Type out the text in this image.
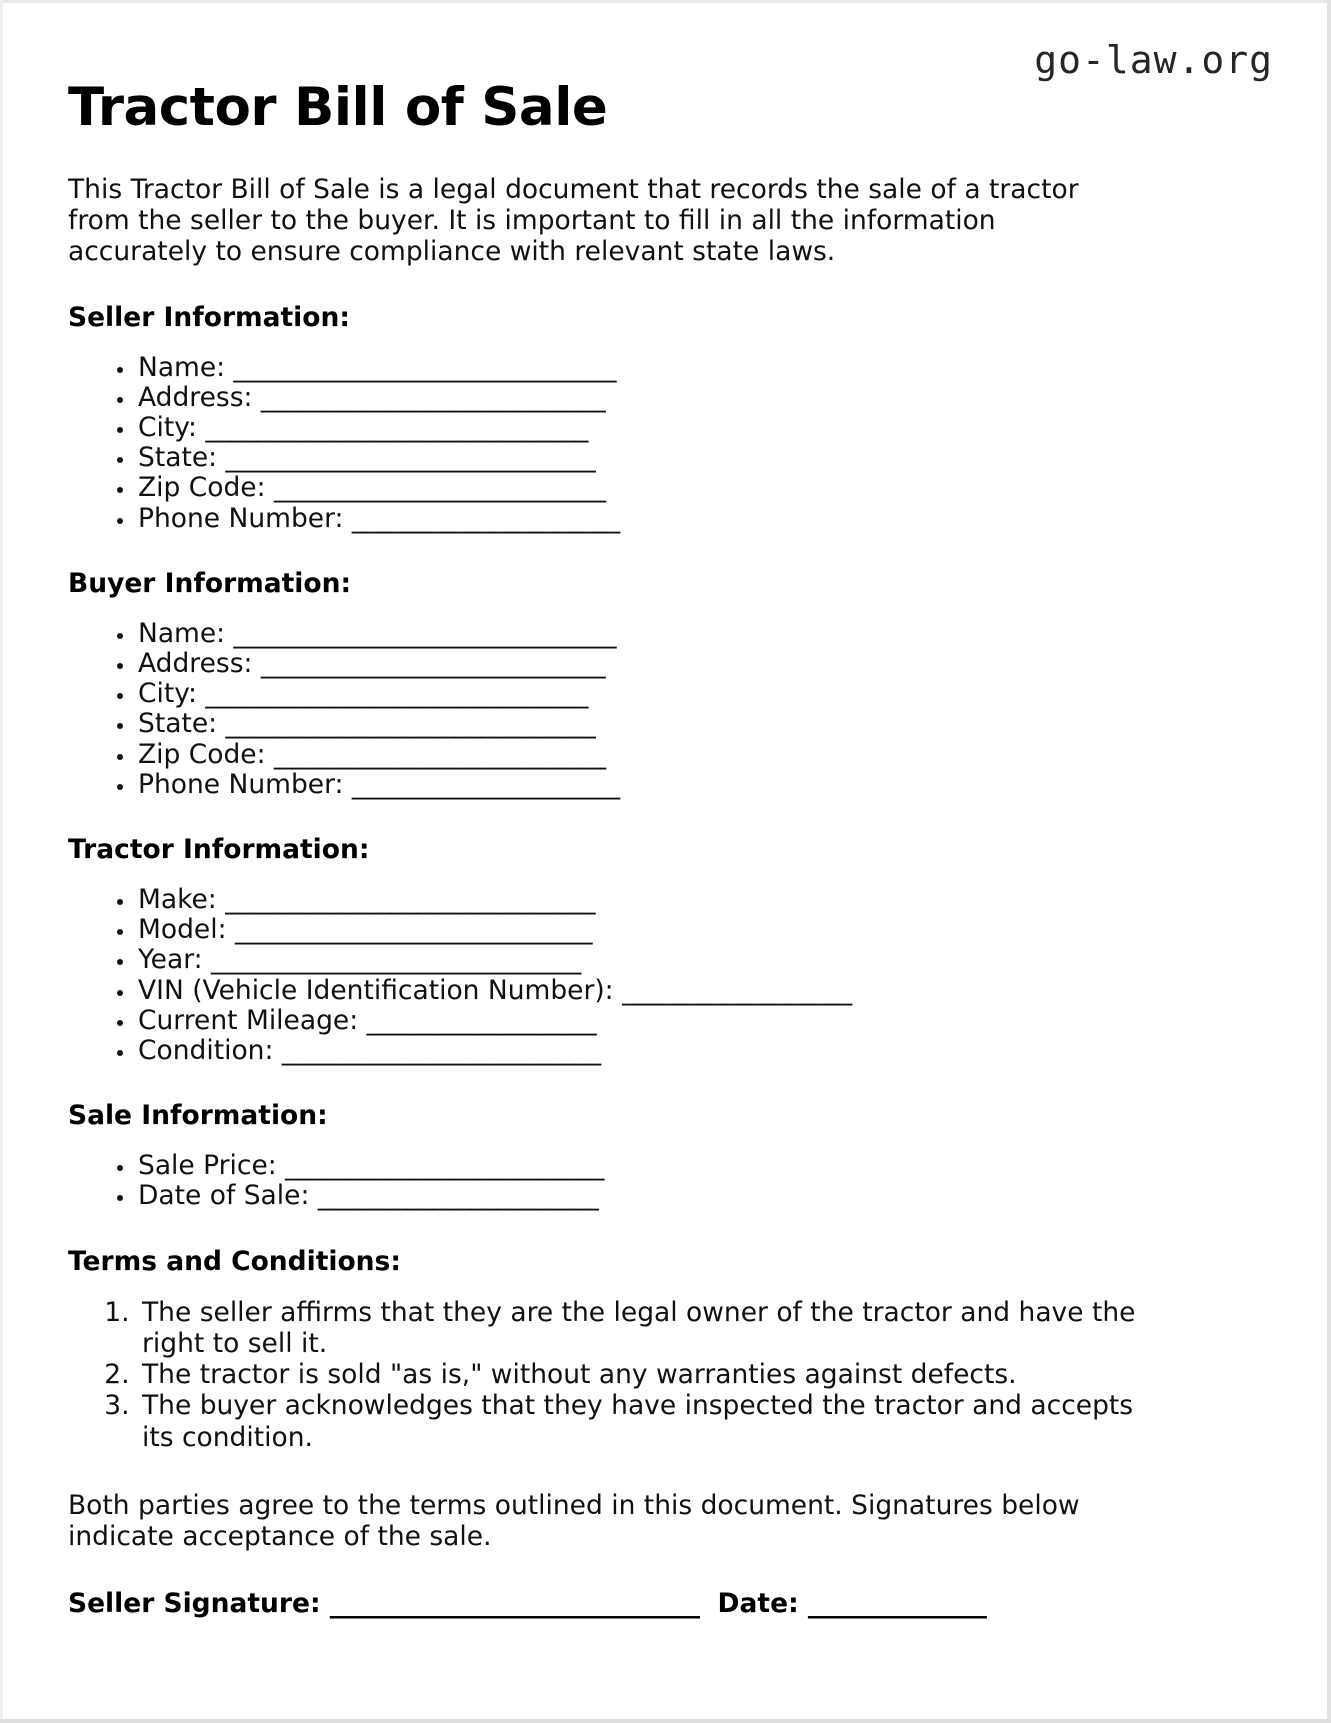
go-law.org
Tractor Bill of Sale

This Tractor Bill of Sale is a legal document that records the sale of a tractor from the seller to the buyer. It is important to fill in all the information accurately to ensure compliance with relevant state laws.

Seller Information:
• Name: ______________________________
• Address: ___________________________
• City: ______________________________
• State: _____________________________
• Zip Code: __________________________
• Phone Number: _____________________
Buyer Information:
• Name: ______________________________
• Address: ___________________________
• City: ______________________________
• State: _____________________________
• Zip Code: __________________________
• Phone Number: _____________________
Tractor Information:
• Make: _____________________________
• Model: ____________________________
• Year: _____________________________
• VIN (Vehicle Identification Number): __________________
• Current Mileage: __________________
• Condition: _________________________
Sale Information:
• Sale Price: _________________________
• Date of Sale: ______________________
Terms and Conditions:
1. The seller affirms that they are the legal owner of the tractor and have the right to sell it.
2. The tractor is sold "as is," without any warranties against defects.
3. The buyer acknowledges that they have inspected the tractor and accepts its condition.

Both parties agree to the terms outlined in this document. Signatures below indicate acceptance of the sale.

Seller Signature: _____________________________ Date: ______________
